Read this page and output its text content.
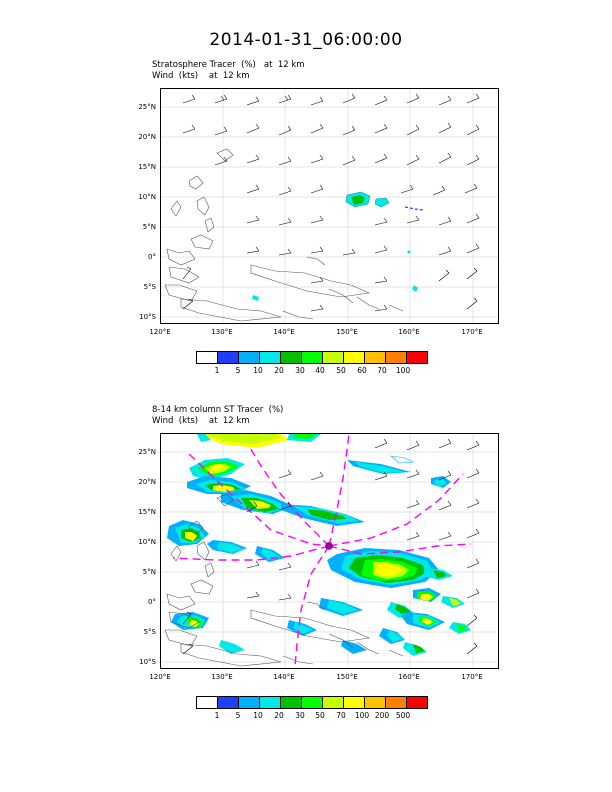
2014-01-31_06:00:00
Stratosphere Tracer  (%)   at  12 km
Wind  (kts)    at  12 km
25°N
20°N
15°N
10°N
5°N
0°
5°S
10°S
120°E	130°E	140°E	150°E	160°E	170°E
1	5	10	20	30	40	50	60	70	100
8-14 km column ST Tracer  (%)
Wind  (kts)    at  12 km
25°N
20°N
15°N
10°N
5°N
0°
5°S
10°S
120°E	130°E	140°E	150°E	160°E	170°E
1	5	10	20	30	50	70	100 200 500
